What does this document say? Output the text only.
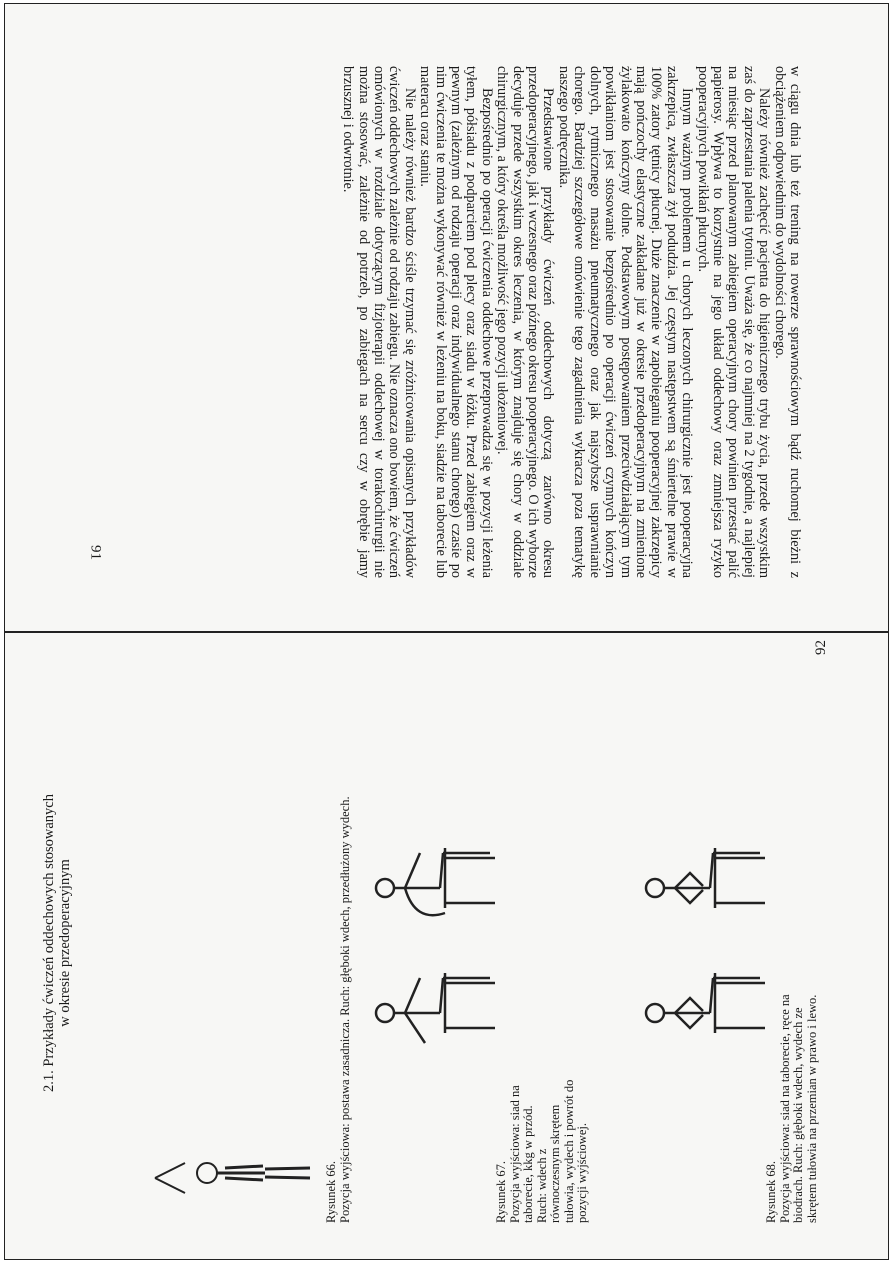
w ciągu dnia lub też trening na rowerze sprawnościowym bądź ruchomej bieżni z obciążeniem odpowiednim do wydolności chorego.

Należy również zachęcić pacjenta do higienicznego trybu życia, przede wszystkim zaś do zaprzestania palenia tytoniu. Uważa się, że co najmniej na 2 tygodnie, a najlepiej na miesiąc przed planowanym zabiegiem operacyjnym chory powinien przestać palić papierosy. Wpływa to korzystnie na jego układ oddechowy oraz zmniejsza ryzyko pooperacyjnych powikłań płucnych.

Innym ważnym problemem u chorych leczonych chirurgicznie jest pooperacyjna zakrzepica, zwłaszcza żył podudzia. Jej częstym następstwem są śmiertelne prawie w 100% zatory tętnicy płucnej. Duże znaczenie w zapobieganiu pooperacyjnej zakrzepicy mają pończochy elastyczne zakładane już w okresie przedoperacyjnym na zmienione żylakowato kończyny dolne. Podstawowym postępowaniem przeciwdziałającym tym powikłaniom jest stosowanie bezpośrednio po operacji ćwiczeń czynnych kończyn dolnych, rytmicznego masażu pneumatycznego oraz jak najszybsze usprawnianie chorego. Bardziej szczegółowe omówienie tego zagadnienia wykracza poza tematykę naszego podręcznika.

Przedstawione przykłady ćwiczeń oddechowych dotyczą zarówno okresu przedoperacyjnego, jak i wczesnego oraz późnego okresu pooperacyjnego. O ich wyborze decyduje przede wszystkim okres leczenia, w którym znajduje się chory w oddziale chirurgicznym, a który określa możliwość jego pozycji ułożeniowej.

Bezpośrednio po operacji ćwiczenia oddechowe przeprowadza się w pozycji leżenia tyłem, półsiadu z podparciem pod plecy oraz siadu w łóżku. Przed zabiegiem oraz w pewnym (zależnym od rodzaju operacji oraz indywidualnego stanu chorego) czasie po nim ćwiczenia te można wykonywać również w leżeniu na boku, siadzie na taborecie lub materacu oraz staniu.

Nie należy również bardzo ściśle trzymać się zróżnicowania opisanych przykładów ćwiczeń oddechowych zależnie od rodzaju zabiegu. Nie oznacza ono bowiem, że ćwiczeń omówionych w rozdziale dotyczącym fizjoterapii oddechowej w torakochirurgii nie można stosować, zależnie od potrzeb, po zabiegach na sercu czy w obrębie jamy brzusznej i odwrotnie.

91
2.1. Przykłady ćwiczeń oddechowych stosowanych w okresie przedoperacyjnym
Rysunek 66. Pozycja wyjściowa: postawa zasadnicza. Ruch: głęboki wdech, przedłużony wydech.	Rysunek 67. Pozycja wyjściowa: siad na taborecie, kkg w przód. Ruch: wdech z równoczesnym skrętem tułowia, wydech i powrót do pozycji wyjściowej.	Rysunek 68. Pozycja wyjściowa: siad na taborecie, ręce na biodrach. Ruch: głęboki wdech, wydech ze skrętem tułowia na przemian w prawo i lewo.
92
